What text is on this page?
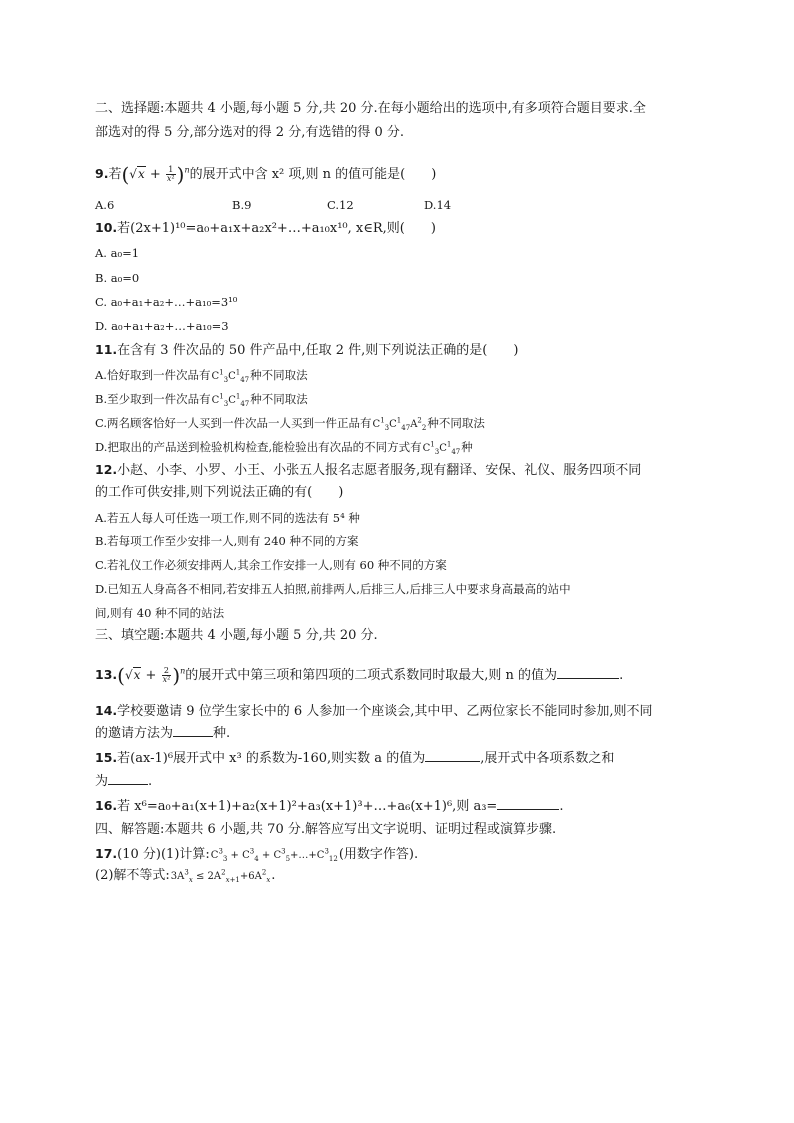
二、选择题:本题共 4 小题,每小题 5 分,共 20 分.在每小题给出的选项中,有多项符合题目要求.全
部选对的得 5 分,部分选对的得 2 分,有选错的得 0 分.
9.若$(√x + \frac{1}{\text{x²}} )^n$的展开式中含 x² 项,则 n 的值可能是(　　)
A.6	B.9	C.12	D.14
10.若(2x+1)¹⁰=a₀+a₁x+a₂x²+…+a₁₀x¹⁰, x∈R,则(　　)
A. a₀=1
B. a₀=0
C. a₀+a₁+a₂+…+a₁₀=3¹⁰
D. a₀+a₁+a₂+…+a₁₀=3
11.在含有 3 件次品的 50 件产品中,任取 2 件,则下列说法正确的是(　　)
A.恰好取到一件次品有$C^1_3C^1_{47}$种不同取法
B.至少取到一件次品有$C^1_3C^1_{47}$种不同取法
C.两名顾客恰好一人买到一件次品一人买到一件正品有$C^1_3C^1_{47}A^2_2$种不同取法
D.把取出的产品送到检验机构检查,能检验出有次品的不同方式有$C^1_3C^1_{47}$种
12.小赵、小李、小罗、小王、小张五人报名志愿者服务,现有翻译、安保、礼仪、服务四项不同
的工作可供安排,则下列说法正确的有(　　)
A.若五人每人可任选一项工作,则不同的选法有 5⁴ 种
B.若每项工作至少安排一人,则有 240 种不同的方案
C.若礼仪工作必须安排两人,其余工作安排一人,则有 60 种不同的方案
D.已知五人身高各不相同,若安排五人拍照,前排两人,后排三人,后排三人中要求身高最高的站中
间,则有 40 种不同的站法
三、填空题:本题共 4 小题,每小题 5 分,共 20 分.
$13.(√x + \frac{2}{\text{x²}} )^n$的展开式中第三项和第四项的二项式系数同时取最大,则 n 的值为	.
14.学校要邀请 9 位学生家长中的 6 人参加一个座谈会,其中甲、乙两位家长不能同时参加,则不同
的邀请方法为	种.
15.若(ax-1)⁶展开式中 x³ 的系数为-160,则实数 a 的值为	,展开式中各项系数之和
为	.
16.若 x⁶=a₀+a₁(x+1)+a₂(x+1)²+a₃(x+1)³+…+a₆(x+1)⁶,则 a₃=	.
四、解答题:本题共 6 小题,共 70 分.解答应写出文字说明、证明过程或演算步骤.
17.(10 分)(1)计算$:C^3_3 + C^3_4$ + $C^3_5+\dots+C^3_{12}$(用数字作答).
(2)解不等式$:3A^3_x \le 2A^2_{x+1}+6A^2_x$.
